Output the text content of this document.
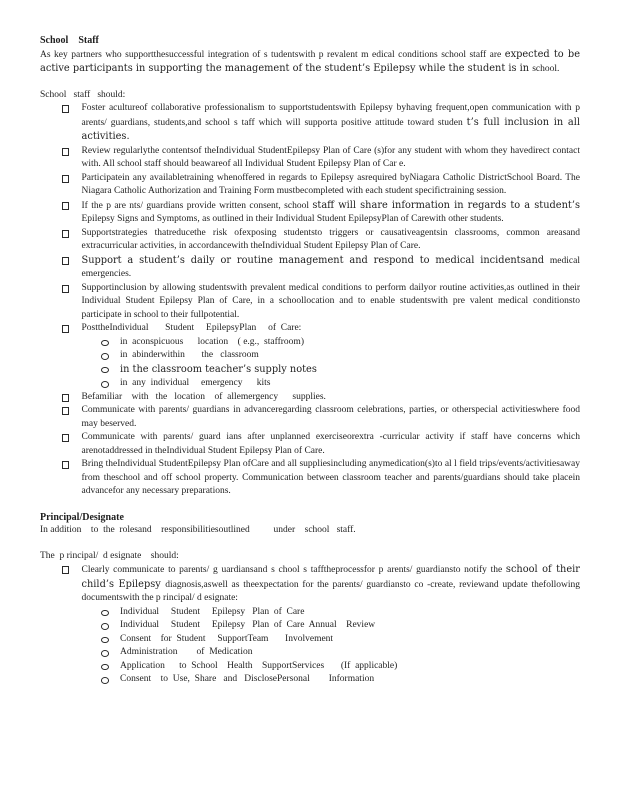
School    Staff
As key partners who supportthesuccessful integration of s tudentswith p revalent m edical conditions school staff are expected to be active participants in supporting the management of the student’s Epilepsy while the student is in school.
School   staff   should:
Foster acultureof collaborative professionalism to supportstudentswith Epilepsy byhaving frequent,open communication with p arents/ guardians, students,and school s taff which will supporta positive attitude toward studen t’s full inclusion in all activities.
Review regularlythe contentsof theIndividual StudentEpilepsy Plan of Care (s)for any student with whom they havedirect contact with. All school staff should beawareof all Individual Student Epilepsy Plan of Car e.
Participatein any availabletraining whenoffered in regards to Epilepsy asrequired byNiagara Catholic DistrictSchool Board. The Niagara Catholic Authorization and Training Form mustbecompleted with each student specifictraining session.
If the p are nts/ guardians provide written consent, school staff will share information in regards to a student’s Epilepsy Signs and Symptoms, as outlined in their Individual Student EpilepsyPlan of Carewith other students.
Supportstrategies thatreducethe risk ofexposing studentsto triggers or causativeagentsin classrooms, common areasand extracurricular activities, in accordancewith theIndividual Student Epilepsy Plan of Care.
Support a student’s daily or routine management and respond to medical incidentsand medical emergencies.
Supportinclusion by allowing studentswith prevalent medical conditions to perform dailyor routine activities,as outlined in their Individual Student Epilepsy Plan of Care, in a schoollocation and to enable studentswith pre valent medical conditionsto participate in school to their fullpotential.
PosttheIndividual       Student     EpilepsyPlan     of  Care:
in  aconspicuous      location    ( e.g.,  staffroom)
in  abinderwithin       the   classroom
in the classroom teacher’s supply notes
in  any  individual     emergency      kits
Befamiliar    with   the   location    of  allemergency      supplies.
Communicate with parents/ guardians in advanceregarding classroom celebrations, parties, or otherspecial activitieswhere food may beserved.
Communicate with parents/ guard ians after unplanned exerciseorextra -curricular activity if staff have concerns which arenotaddressed in theIndividual Student Epilepsy Plan of Care.
Bring theIndividual StudentEpilepsy Plan ofCare and all suppliesincluding anymedication(s)to al l field trips/events/activitiesaway from theschool and off school property. Communication between classroom teacher and parents/guardians should take placein advancefor any necessary preparations.
Principal/Designate
In addition    to  the  rolesand    responsibilitiesoutlined          under    school   staff.
The  p rincipal/  d esignate    should:
Clearly communicate to parents/ g uardiansand s chool s tafftheprocessfor p arents/ guardiansto notify the school of their child’s Epilepsy diagnosis,aswell as theexpectation for the parents/ guardiansto co -create, reviewand update thefollowing documentswith the p rincipal/ d esignate:
Individual     Student     Epilepsy   Plan  of  Care
Individual     Student     Epilepsy   Plan  of  Care  Annual    Review
Consent    for  Student     SupportTeam       Involvement
Administration        of  Medication
Application      to  School    Health    SupportServices       (If  applicable)
Consent    to  Use,  Share   and   DisclosePersonal        Information
